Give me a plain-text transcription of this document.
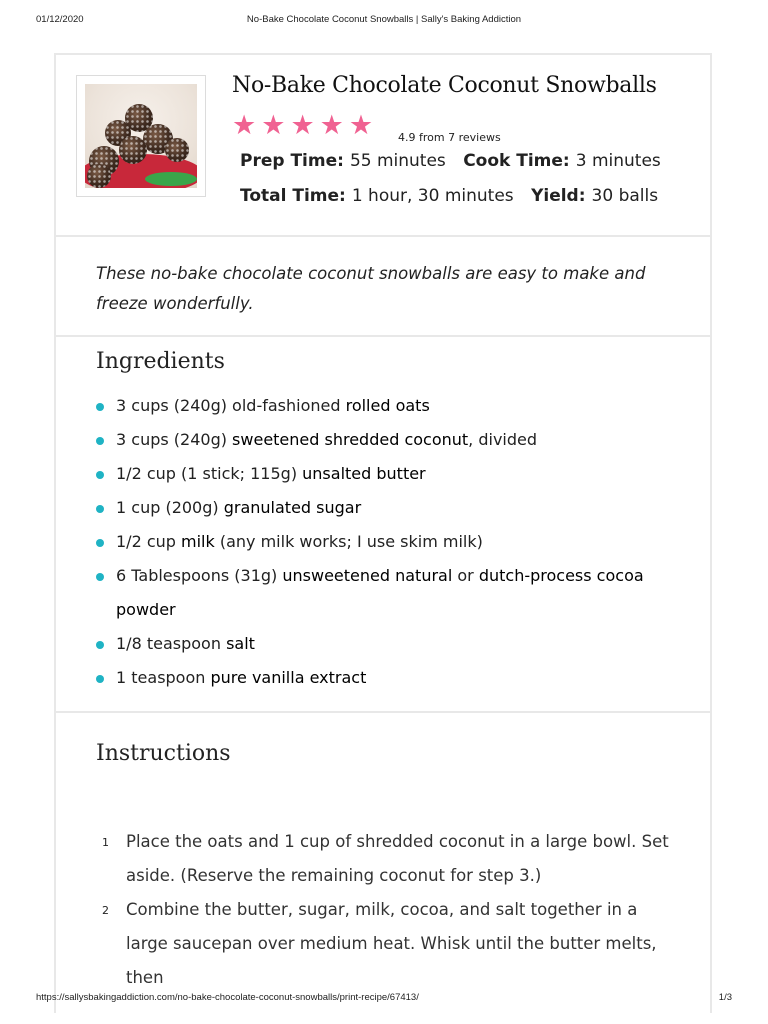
01/12/2020	No-Bake Chocolate Coconut Snowballs | Sally's Baking Addiction
No-Bake Chocolate Coconut Snowballs
★ ★ ★ ★ ★	4.9 from 7 reviews
Prep Time: 55 minutes Cook Time: 3 minutes
Total Time: 1 hour, 30 minutes Yield: 30 balls
These no-bake chocolate coconut snowballs are easy to make and freeze wonderfully.
Ingredients
3 cups (240g) old-fashioned rolled oats
3 cups (240g) sweetened shredded coconut, divided
1/2 cup (1 stick; 115g) unsalted butter
1 cup (200g) granulated sugar
1/2 cup milk (any milk works; I use skim milk)
6 Tablespoons (31g) unsweetened natural or dutch-process cocoa powder
1/8 teaspoon salt
1 teaspoon pure vanilla extract
Instructions
1 Place the oats and 1 cup of shredded coconut in a large bowl. Set aside. (Reserve the remaining coconut for step 3.)
2 Combine the butter, sugar, milk, cocoa, and salt together in a large saucepan over medium heat. Whisk until the butter melts, then
https://sallysbakingaddiction.com/no-bake-chocolate-coconut-snowballs/print-recipe/67413/	1/3
